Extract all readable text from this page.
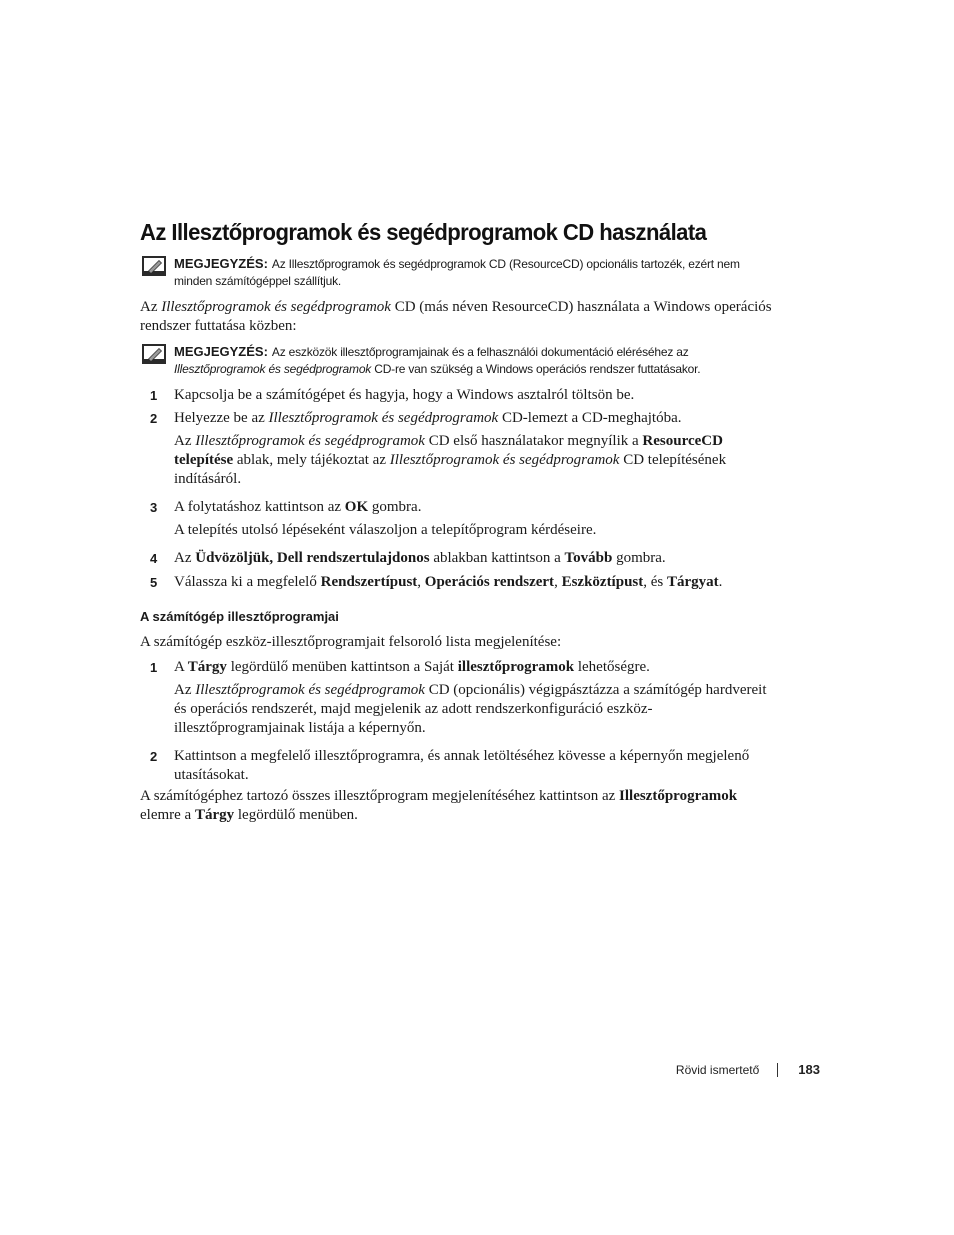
Az Illesztőprogramok és segédprogramok CD használata
MEGJEGYZÉS: Az Illesztőprogramok és segédprogramok CD (ResourceCD) opcionális tartozék, ezért nem minden számítógéppel szállítjuk.

Az Illesztőprogramok és segédprogramok CD (más néven ResourceCD) használata a Windows operációs rendszer futtatása közben:

MEGJEGYZÉS: Az eszközök illesztőprogramjainak és a felhasználói dokumentáció eléréséhez az Illesztőprogramok és segédprogramok CD-re van szükség a Windows operációs rendszer futtatásakor.
1 Kapcsolja be a számítógépet és hagyja, hogy a Windows asztalról töltsön be.
2 Helyezze be az Illesztőprogramok és segédprogramok CD-lemezt a CD-meghajtóba.
Az Illesztőprogramok és segédprogramok CD első használatakor megnyílik a ResourceCD telepítése ablak, mely tájékoztat az Illesztőprogramok és segédprogramok CD telepítésének indításáról.
3 A folytatáshoz kattintson az OK gombra.
A telepítés utolsó lépéseként válaszoljon a telepítőprogram kérdéseire.
4 Az Üdvözöljük, Dell rendszertulajdonos ablakban kattintson a Tovább gombra.
5 Válassza ki a megfelelő Rendszertípust, Operációs rendszert, Eszköztípust, és Tárgyat.
A számítógép illesztőprogramjai

A számítógép eszköz-illesztőprogramjait felsoroló lista megjelenítése:

1 A Tárgy legördülő menüben kattintson a Saját illesztőprogramok lehetőségre.
Az Illesztőprogramok és segédprogramok CD (opcionális) végigpásztázza a számítógép hardvereit és operációs rendszerét, majd megjelenik az adott rendszerkonfiguráció eszköz-illesztőprogramjainak listája a képernyőn.
2 Kattintson a megfelelő illesztőprogramra, és annak letöltéséhez kövesse a képernyőn megjelenő utasításokat.

A számítógéphez tartozó összes illesztőprogram megjelenítéséhez kattintson az Illesztőprogramok elemre a Tárgy legördülő menüben.

Rövid ismertető	183
